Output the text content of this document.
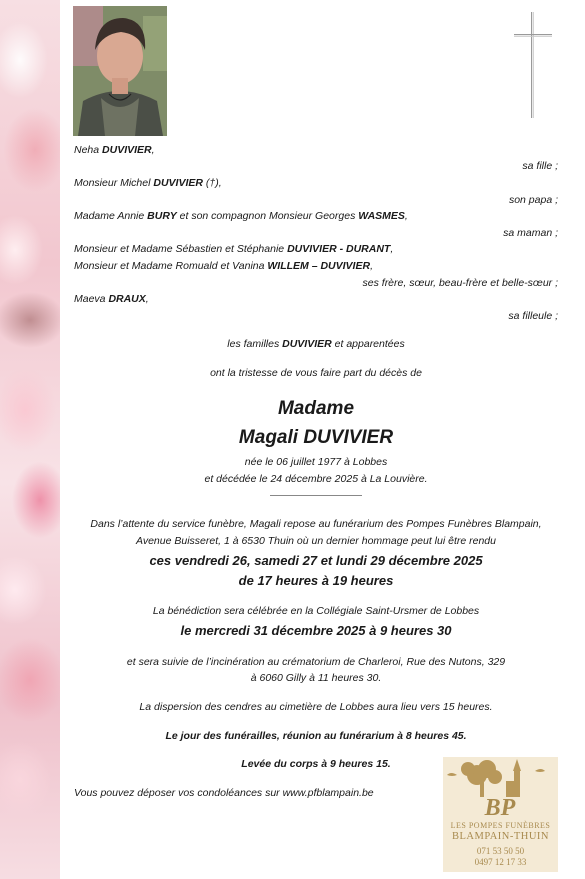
Neha DUVIVIER,
sa fille ;
Monsieur Michel DUVIVIER (†),
son papa ;
Madame Annie BURY et son compagnon Monsieur Georges WASMES,
sa maman ;
Monsieur et Madame Sébastien et Stéphanie DUVIVIER - DURANT,
Monsieur et Madame Romuald et Vanina WILLEM – DUVIVIER,
ses frère, sœur, beau-frère et belle-sœur ;
Maeva DRAUX,
sa filleule ;
les familles DUVIVIER et apparentées
ont la tristesse de vous faire part du décès de
Madame
Magali DUVIVIER
née le 06 juillet 1977 à Lobbes
et décédée le 24 décembre 2025 à La Louvière.
Dans l’attente du service funèbre, Magali repose au funérarium des Pompes Funèbres Blampain,
Avenue Buisseret, 1 à 6530 Thuin où un dernier hommage peut lui être rendu
ces vendredi 26, samedi 27 et lundi 29 décembre 2025
de 17 heures à 19 heures
La bénédiction sera célébrée en la Collégiale Saint-Ursmer de Lobbes
le mercredi 31 décembre 2025 à 9 heures 30
et sera suivie de l’incinération au crématorium de Charleroi, Rue des Nutons, 329
à 6060 Gilly à 11 heures 30.
La dispersion des cendres au cimetière de Lobbes aura lieu vers 15 heures.
Le jour des funérailles, réunion au funérarium à 8 heures 45.
Levée du corps à 9 heures 15.
Vous pouvez déposer vos condoléances sur www.pfblampain.be
BP
LES POMPES FUNÈBRES
BLAMPAIN-THUIN
071 53 50 50
0497 12 17 33
